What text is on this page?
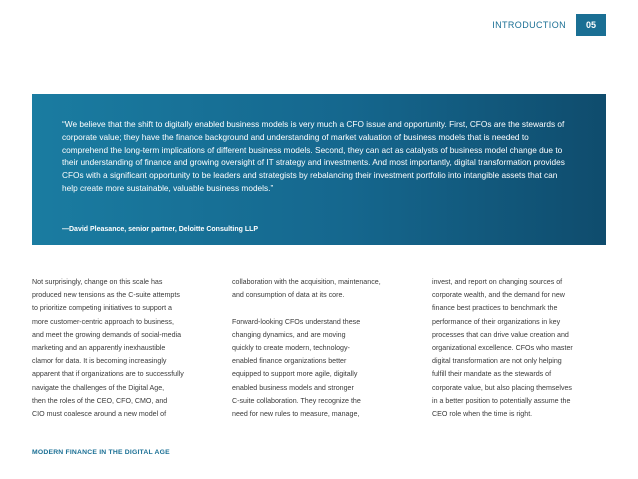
INTRODUCTION	05

“We believe that the shift to digitally enabled business models is very much a CFO issue and opportunity. First, CFOs are the stewards of corporate value; they have the finance background and understanding of market valuation of business models that is needed to comprehend the long-term implications of different business models. Second, they can act as catalysts of business model change due to their understanding of finance and growing oversight of IT strategy and investments. And most importantly, digital transformation provides CFOs with a significant opportunity to be leaders and strategists by rebalancing their investment portfolio into intangible assets that can help create more sustainable, valuable business models.”

—David Pleasance, senior partner, Deloitte Consulting LLP

Not surprisingly, change on this scale has
produced new tensions as the C-suite attempts
to prioritize competing initiatives to support a
more customer-centric approach to business,
and meet the growing demands of social-media
marketing and an apparently inexhaustible
clamor for data. It is becoming increasingly
apparent that if organizations are to successfully
navigate the challenges of the Digital Age,
then the roles of the CEO, CFO, CMO, and
CIO must coalesce around a new model of

collaboration with the acquisition, maintenance,
and consumption of data at its core.

Forward-looking CFOs understand these
changing dynamics, and are moving
quickly to create modern, technology-
enabled finance organizations better
equipped to support more agile, digitally
enabled business models and stronger
C-suite collaboration. They recognize the
need for new rules to measure, manage,

invest, and report on changing sources of
corporate wealth, and the demand for new
finance best practices to benchmark the
performance of their organizations in key
processes that can drive value creation and
organizational excellence. CFOs who master
digital transformation are not only helping
fulfill their mandate as the stewards of
corporate value, but also placing themselves
in a better position to potentially assume the
CEO role when the time is right.

MODERN FINANCE IN THE DIGITAL AGE
